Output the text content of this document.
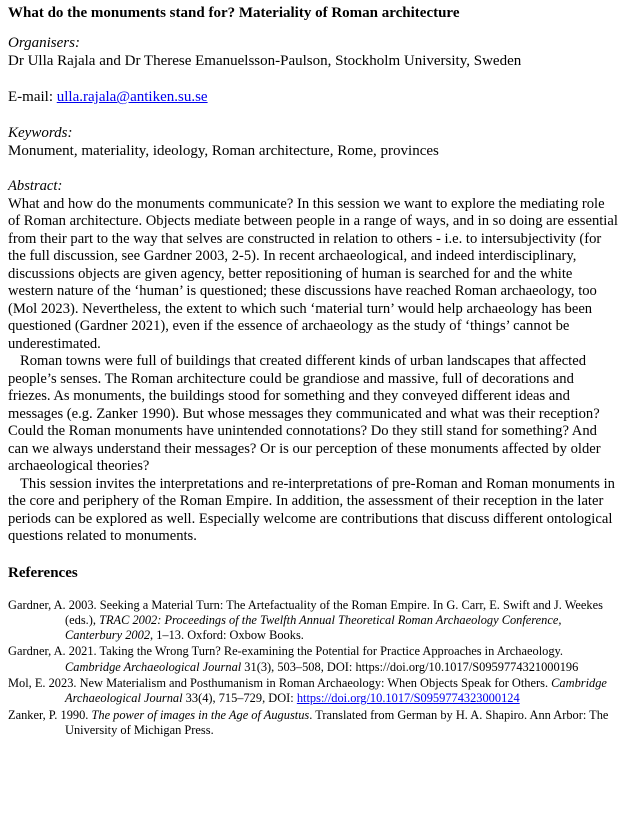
What do the monuments stand for? Materiality of Roman architecture

Organisers:

Dr Ulla Rajala and Dr Therese Emanuelsson-Paulson, Stockholm University, Sweden

E-mail: ulla.rajala@antiken.su.se

Keywords:

Monument, materiality, ideology, Roman architecture, Rome, provinces

Abstract:

What and how do the monuments communicate? In this session we want to explore the mediating role of Roman architecture. Objects mediate between people in a range of ways, and in so doing are essential from their part to the way that selves are constructed in relation to others - i.e. to intersubjectivity (for the full discussion, see Gardner 2003, 2-5). In recent archaeological, and indeed interdisciplinary, discussions objects are given agency, better repositioning of human is searched for and the white western nature of the ‘human’ is questioned; these discussions have reached Roman archaeology, too (Mol 2023). Nevertheless, the extent to which such ‘material turn’ would help archaeology has been questioned (Gardner 2021), even if the essence of archaeology as the study of ‘things’ cannot be underestimated.

Roman towns were full of buildings that created different kinds of urban landscapes that affected people’s senses. The Roman architecture could be grandiose and massive, full of decorations and friezes. As monuments, the buildings stood for something and they conveyed different ideas and messages (e.g. Zanker 1990). But whose messages they communicated and what was their reception? Could the Roman monuments have unintended connotations? Do they still stand for something? And can we always understand their messages? Or is our perception of these monuments affected by older archaeological theories?

This session invites the interpretations and re-interpretations of pre-Roman and Roman monuments in the core and periphery of the Roman Empire. In addition, the assessment of their reception in the later periods can be explored as well. Especially welcome are contributions that discuss different ontological questions related to monuments.

References

Gardner, A. 2003. Seeking a Material Turn: The Artefactuality of the Roman Empire. In G. Carr, E. Swift and J. Weekes (eds.), TRAC 2002: Proceedings of the Twelfth Annual Theoretical Roman Archaeology Conference, Canterbury 2002, 1–13. Oxford: Oxbow Books.

Gardner, A. 2021. Taking the Wrong Turn? Re-examining the Potential for Practice Approaches in Archaeology. Cambridge Archaeological Journal 31(3), 503–508, DOI: https://doi.org/10.1017/S0959774321000196

Mol, E. 2023. New Materialism and Posthumanism in Roman Archaeology: When Objects Speak for Others. Cambridge Archaeological Journal 33(4), 715–729, DOI: https://doi.org/10.1017/S0959774323000124

Zanker, P. 1990. The power of images in the Age of Augustus. Translated from German by H. A. Shapiro. Ann Arbor: The University of Michigan Press.
